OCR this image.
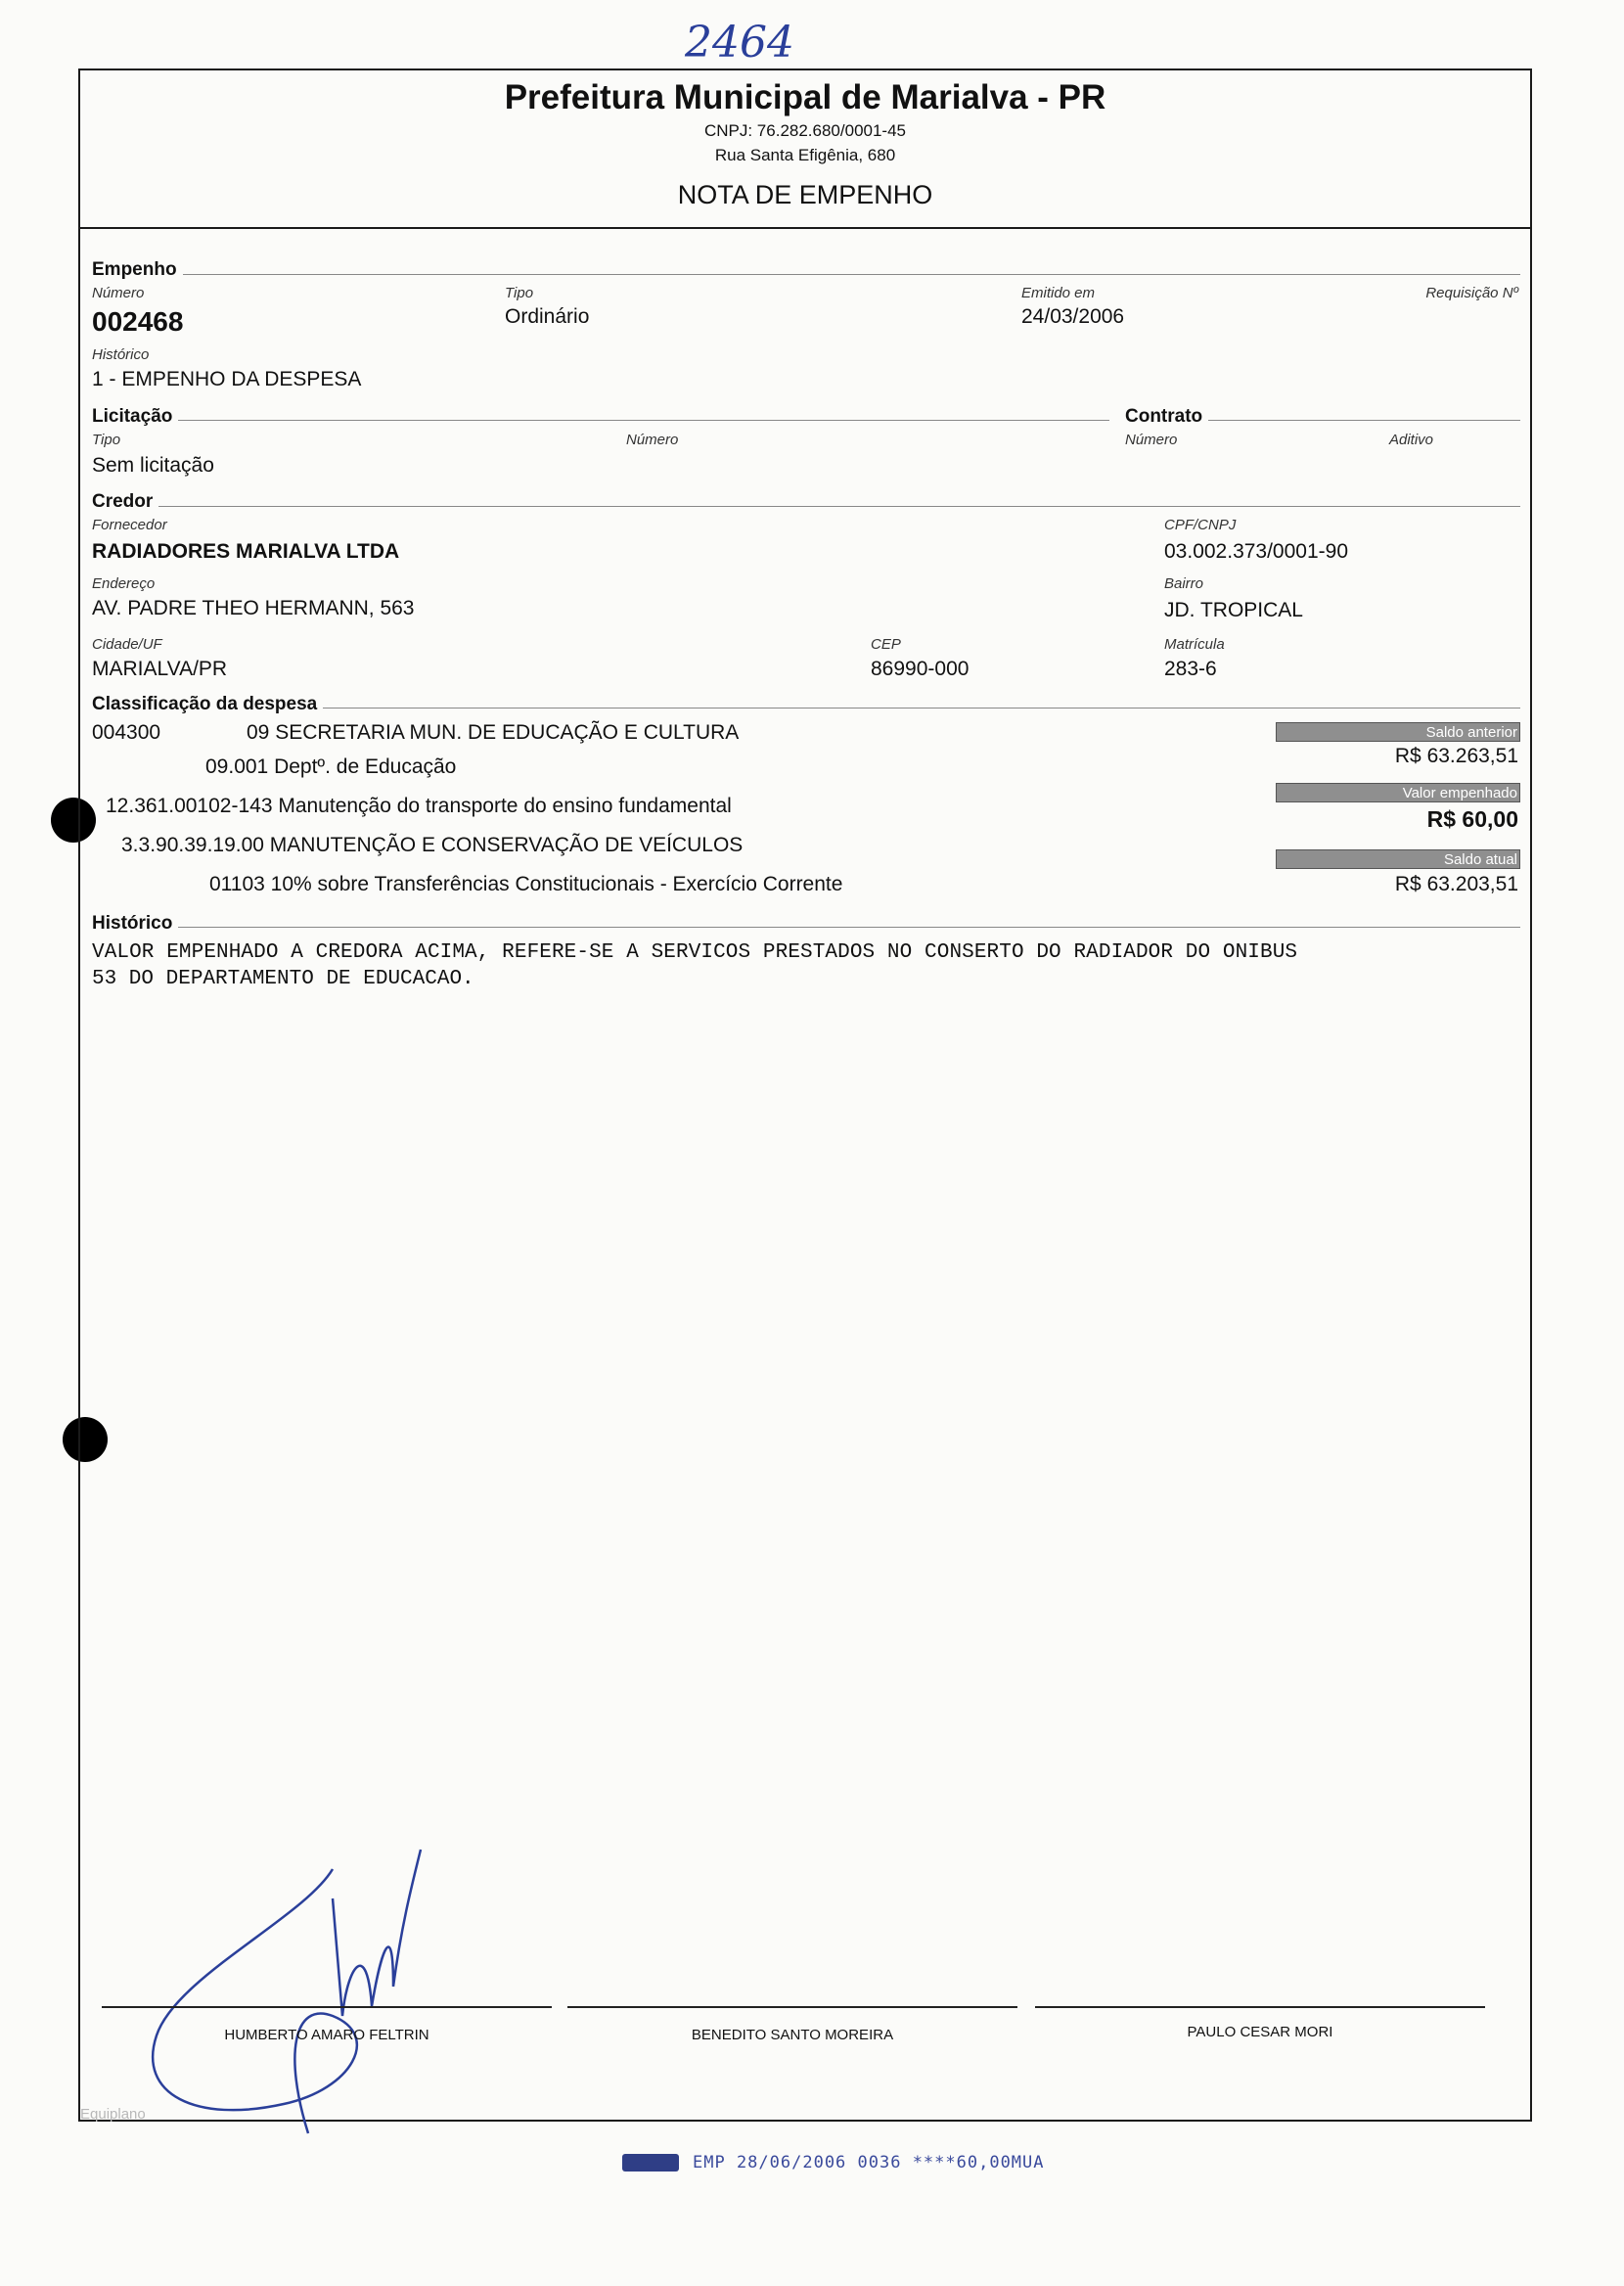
2464
Prefeitura Municipal de Marialva - PR
CNPJ: 76.282.680/0001-45
Rua Santa Efigênia, 680
NOTA DE EMPENHO
Empenho
Número
002468
Tipo
Ordinário
Emitido em
24/03/2006
Requisição Nº
Histórico
1 - EMPENHO DA DESPESA
Licitação	Contrato
Tipo
Sem licitação
Número	Número	Aditivo
Credor
Fornecedor
RADIADORES MARIALVA LTDA
CPF/CNPJ
03.002.373/0001-90
Endereço
AV. PADRE THEO HERMANN, 563
Bairro
JD. TROPICAL
Cidade/UF
MARIALVA/PR
CEP
86990-000
Matrícula
283-6
Classificação da despesa
004300	09 SECRETARIA MUN. DE EDUCAÇÃO E CULTURA
09.001 Deptº. de Educação
12.361.00102-143 Manutenção do transporte do ensino fundamental
3.3.90.39.19.00 MANUTENÇÃO E CONSERVAÇÃO DE VEÍCULOS
01103 10% sobre Transferências Constitucionais - Exercício Corrente
Saldo anterior
R$ 63.263,51
Valor empenhado
R$ 60,00
Saldo atual
R$ 63.203,51
Histórico
VALOR EMPENHADO A CREDORA ACIMA, REFERE-SE A SERVICOS PRESTADOS NO CONSERTO DO RADIADOR DO ONIBUS
53 DO DEPARTAMENTO DE EDUCACAO.
HUMBERTO AMARO FELTRIN	BENEDITO SANTO MOREIRA	PAULO CESAR MORI
Equiplano
EMP 28/06/2006 0036 ****60,00MUA
